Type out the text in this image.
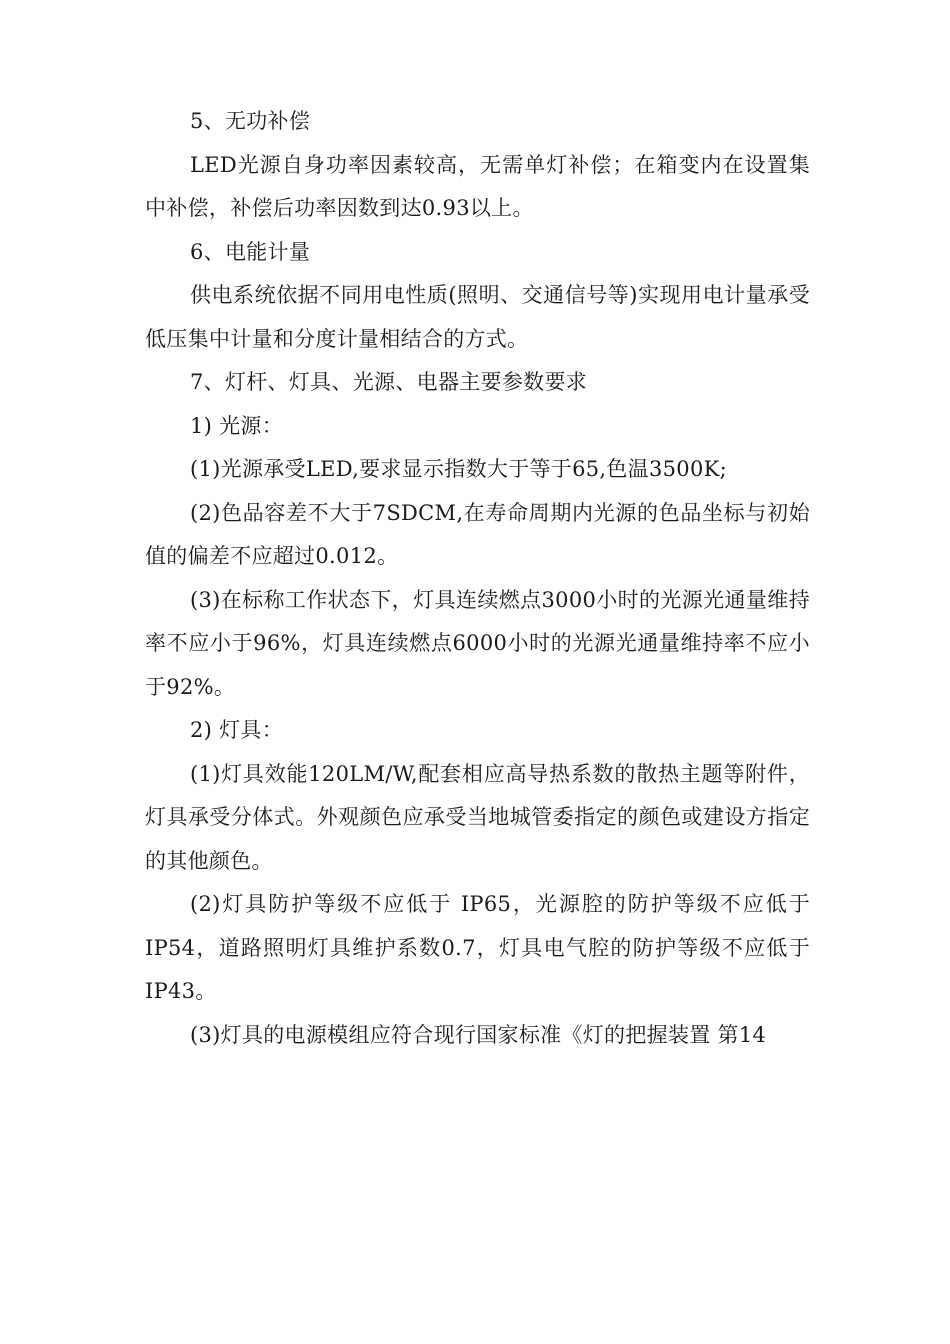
5、无功补偿

LED光源自身功率因素较高，无需单灯补偿；在箱变内在设置集中补偿，补偿后功率因数到达0.93以上。

6、电能计量

供电系统依据不同用电性质(照明、交通信号等)实现用电计量承受低压集中计量和分度计量相结合的方式。

7、灯杆、灯具、光源、电器主要参数要求

1) 光源：

(1)光源承受LED,要求显示指数大于等于65,色温3500K;

(2)色品容差不大于7SDCM,在寿命周期内光源的色品坐标与初始值的偏差不应超过0.012。

(3)在标称工作状态下，灯具连续燃点3000小时的光源光通量维持率不应小于96%，灯具连续燃点6000小时的光源光通量维持率不应小于92%。

2) 灯具：

(1)灯具效能120LM/W,配套相应高导热系数的散热主题等附件，灯具承受分体式。外观颜色应承受当地城管委指定的颜色或建设方指定的其他颜色。

(2)灯具防护等级不应低于 IP65，光源腔的防护等级不应低于IP54，道路照明灯具维护系数0.7，灯具电气腔的防护等级不应低于IP43。

(3)灯具的电源模组应符合现行国家标准《灯的把握装置 第14
